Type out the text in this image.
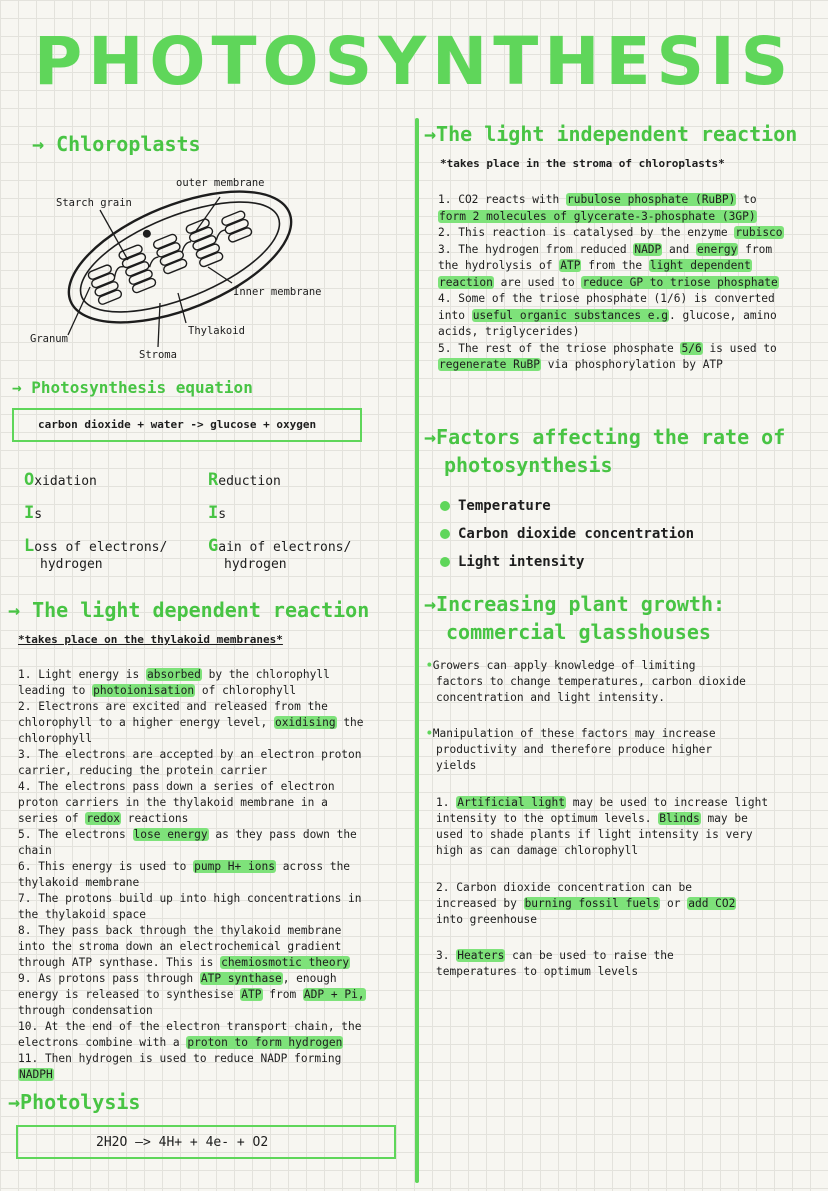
PHOTOSYNTHESIS
→ Chloroplasts
outer membrane
Starch grain
Inner membrane
Thylakoid
Granum
Stroma
→ Photosynthesis equation
carbon dioxide + water -> glucose + oxygen
Oxidation
Is
Loss of electrons/
hydrogen
Reduction
Is
Gain of electrons/
hydrogen
→ The light dependent reaction
*takes place on the thylakoid membranes*

1. Light energy is absorbed by the chlorophyll

leading to photoionisation of chlorophyll

2. Electrons are excited and released from the

chlorophyll to a higher energy level, oxidising the

chlorophyll

3. The electrons are accepted by an electron proton

carrier, reducing the protein carrier

4. The electrons pass down a series of electron

proton carriers in the thylakoid membrane in a

series of redox reactions

5. The electrons lose energy as they pass down the

chain

6. This energy is used to pump H+ ions across the

thylakoid membrane

7. The protons build up into high concentrations in

the thylakoid space

8. They pass back through the thylakoid membrane

into the stroma down an electrochemical gradient

through ATP synthase. This is chemiosmotic theory

9. As protons pass through ATP synthase, enough

energy is released to synthesise ATP from ADP + Pi,

through condensation

10. At the end of the electron transport chain, the

electrons combine with a proton to form hydrogen

11. Then hydrogen is used to reduce NADP forming

NADPH

→Photolysis
2H2O —> 4H+ + 4e- + O2
→The light independent reaction
*takes place in the stroma of chloroplasts*

1. CO2 reacts with rubulose phosphate (RuBP) to

form 2 molecules of glycerate-3-phosphate (3GP)

2. This reaction is catalysed by the enzyme rubisco

3. The hydrogen from reduced NADP and energy from

the hydrolysis of ATP from the light dependent

reaction are used to reduce GP to triose phosphate

4. Some of the triose phosphate (1/6) is converted

into useful organic substances e.g. glucose, amino

acids, triglycerides)

5. The rest of the triose phosphate 5/6 is used to

regenerate RuBP via phosphorylation by ATP

→Factors affecting the rate of
photosynthesis
Temperature
Carbon dioxide concentration
Light intensity
→Increasing plant growth:
commercial glasshouses

•Growers can apply knowledge of limiting

factors to change temperatures, carbon dioxide

concentration and light intensity.

•Manipulation of these factors may increase

productivity and therefore produce higher

yields

1. Artificial light may be used to increase light

intensity to the optimum levels. Blinds may be

used to shade plants if light intensity is very

high as can damage chlorophyll

2. Carbon dioxide concentration can be

increased by burning fossil fuels or add CO2

into greenhouse

3. Heaters can be used to raise the

temperatures to optimum levels
